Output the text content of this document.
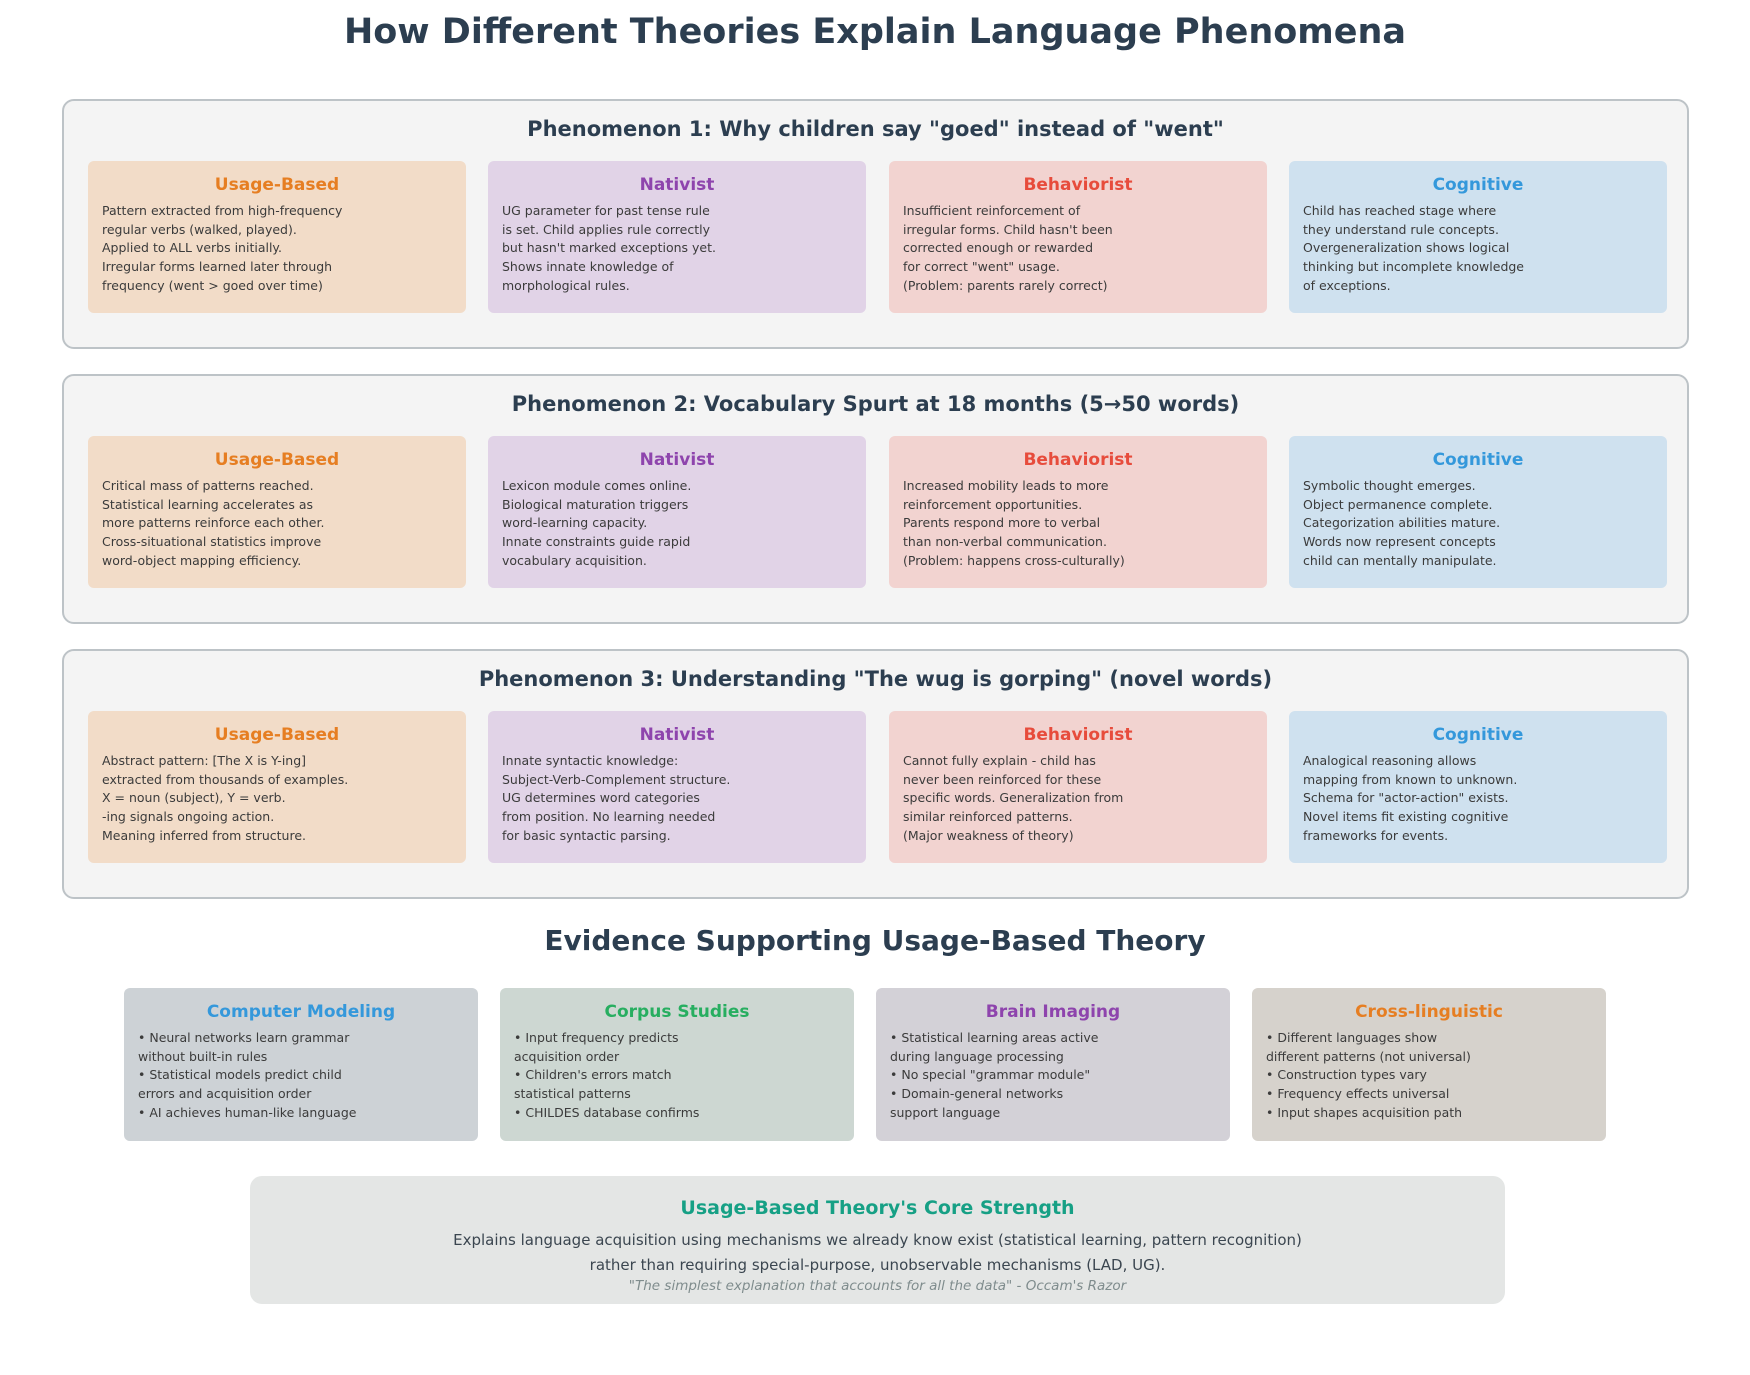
How Different Theories Explain Language Phenomena
Phenomenon 1: Why children say "goed" instead of "went"
Usage-Based
Pattern extracted from high-frequency
regular verbs (walked, played).
Applied to ALL verbs initially.
Irregular forms learned later through
frequency (went > goed over time)
Nativist
UG parameter for past tense rule
is set. Child applies rule correctly
but hasn't marked exceptions yet.
Shows innate knowledge of
morphological rules.
Behaviorist
Insufficient reinforcement of
irregular forms. Child hasn't been
corrected enough or rewarded
for correct "went" usage.
(Problem: parents rarely correct)
Cognitive
Child has reached stage where
they understand rule concepts.
Overgeneralization shows logical
thinking but incomplete knowledge
of exceptions.
Phenomenon 2: Vocabulary Spurt at 18 months (5→50 words)
Usage-Based
Critical mass of patterns reached.
Statistical learning accelerates as
more patterns reinforce each other.
Cross-situational statistics improve
word-object mapping efficiency.
Nativist
Lexicon module comes online.
Biological maturation triggers
word-learning capacity.
Innate constraints guide rapid
vocabulary acquisition.
Behaviorist
Increased mobility leads to more
reinforcement opportunities.
Parents respond more to verbal
than non-verbal communication.
(Problem: happens cross-culturally)
Cognitive
Symbolic thought emerges.
Object permanence complete.
Categorization abilities mature.
Words now represent concepts
child can mentally manipulate.
Phenomenon 3: Understanding "The wug is gorping" (novel words)
Usage-Based
Abstract pattern: [The X is Y-ing]
extracted from thousands of examples.
X = noun (subject), Y = verb.
-ing signals ongoing action.
Meaning inferred from structure.
Nativist
Innate syntactic knowledge:
Subject-Verb-Complement structure.
UG determines word categories
from position. No learning needed
for basic syntactic parsing.
Behaviorist
Cannot fully explain - child has
never been reinforced for these
specific words. Generalization from
similar reinforced patterns.
(Major weakness of theory)
Cognitive
Analogical reasoning allows
mapping from known to unknown.
Schema for "actor-action" exists.
Novel items fit existing cognitive
frameworks for events.
Evidence Supporting Usage-Based Theory
Computer Modeling
• Neural networks learn grammar
without built-in rules
• Statistical models predict child
errors and acquisition order
• AI achieves human-like language
Corpus Studies
• Input frequency predicts
acquisition order
• Children's errors match
statistical patterns
• CHILDES database confirms
Brain Imaging
• Statistical learning areas active
during language processing
• No special "grammar module"
• Domain-general networks
support language
Cross-linguistic
• Different languages show
different patterns (not universal)
• Construction types vary
• Frequency effects universal
• Input shapes acquisition path
Usage-Based Theory's Core Strength
Explains language acquisition using mechanisms we already know exist (statistical learning, pattern recognition)
rather than requiring special-purpose, unobservable mechanisms (LAD, UG).
"The simplest explanation that accounts for all the data" - Occam's Razor
